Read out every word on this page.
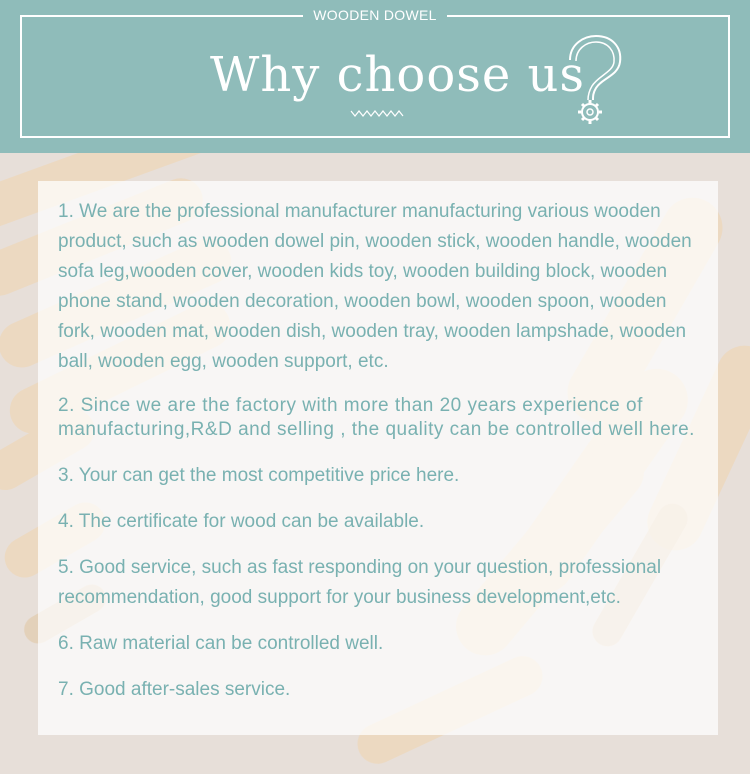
WOODEN DOWEL
Why choose us

1. We are the professional manufacturer manufacturing various wooden product, such as wooden dowel pin, wooden stick, wooden handle, wooden sofa leg,wooden cover, wooden kids toy, wooden building block, wooden phone stand, wooden decoration, wooden bowl, wooden spoon, wooden fork, wooden mat, wooden dish, wooden tray, wooden lampshade, wooden ball, wooden egg, wooden support, etc.

2. Since we are the factory with more than 20 years experience of manufacturing,R&D and selling , the quality can be controlled well here.

3. Your can get the most competitive price here.

4. The certificate for wood can be available.

5. Good service, such as fast responding on your question, professional recommendation, good support for your business development,etc.

6. Raw material can be controlled well.

7. Good after-sales service.
